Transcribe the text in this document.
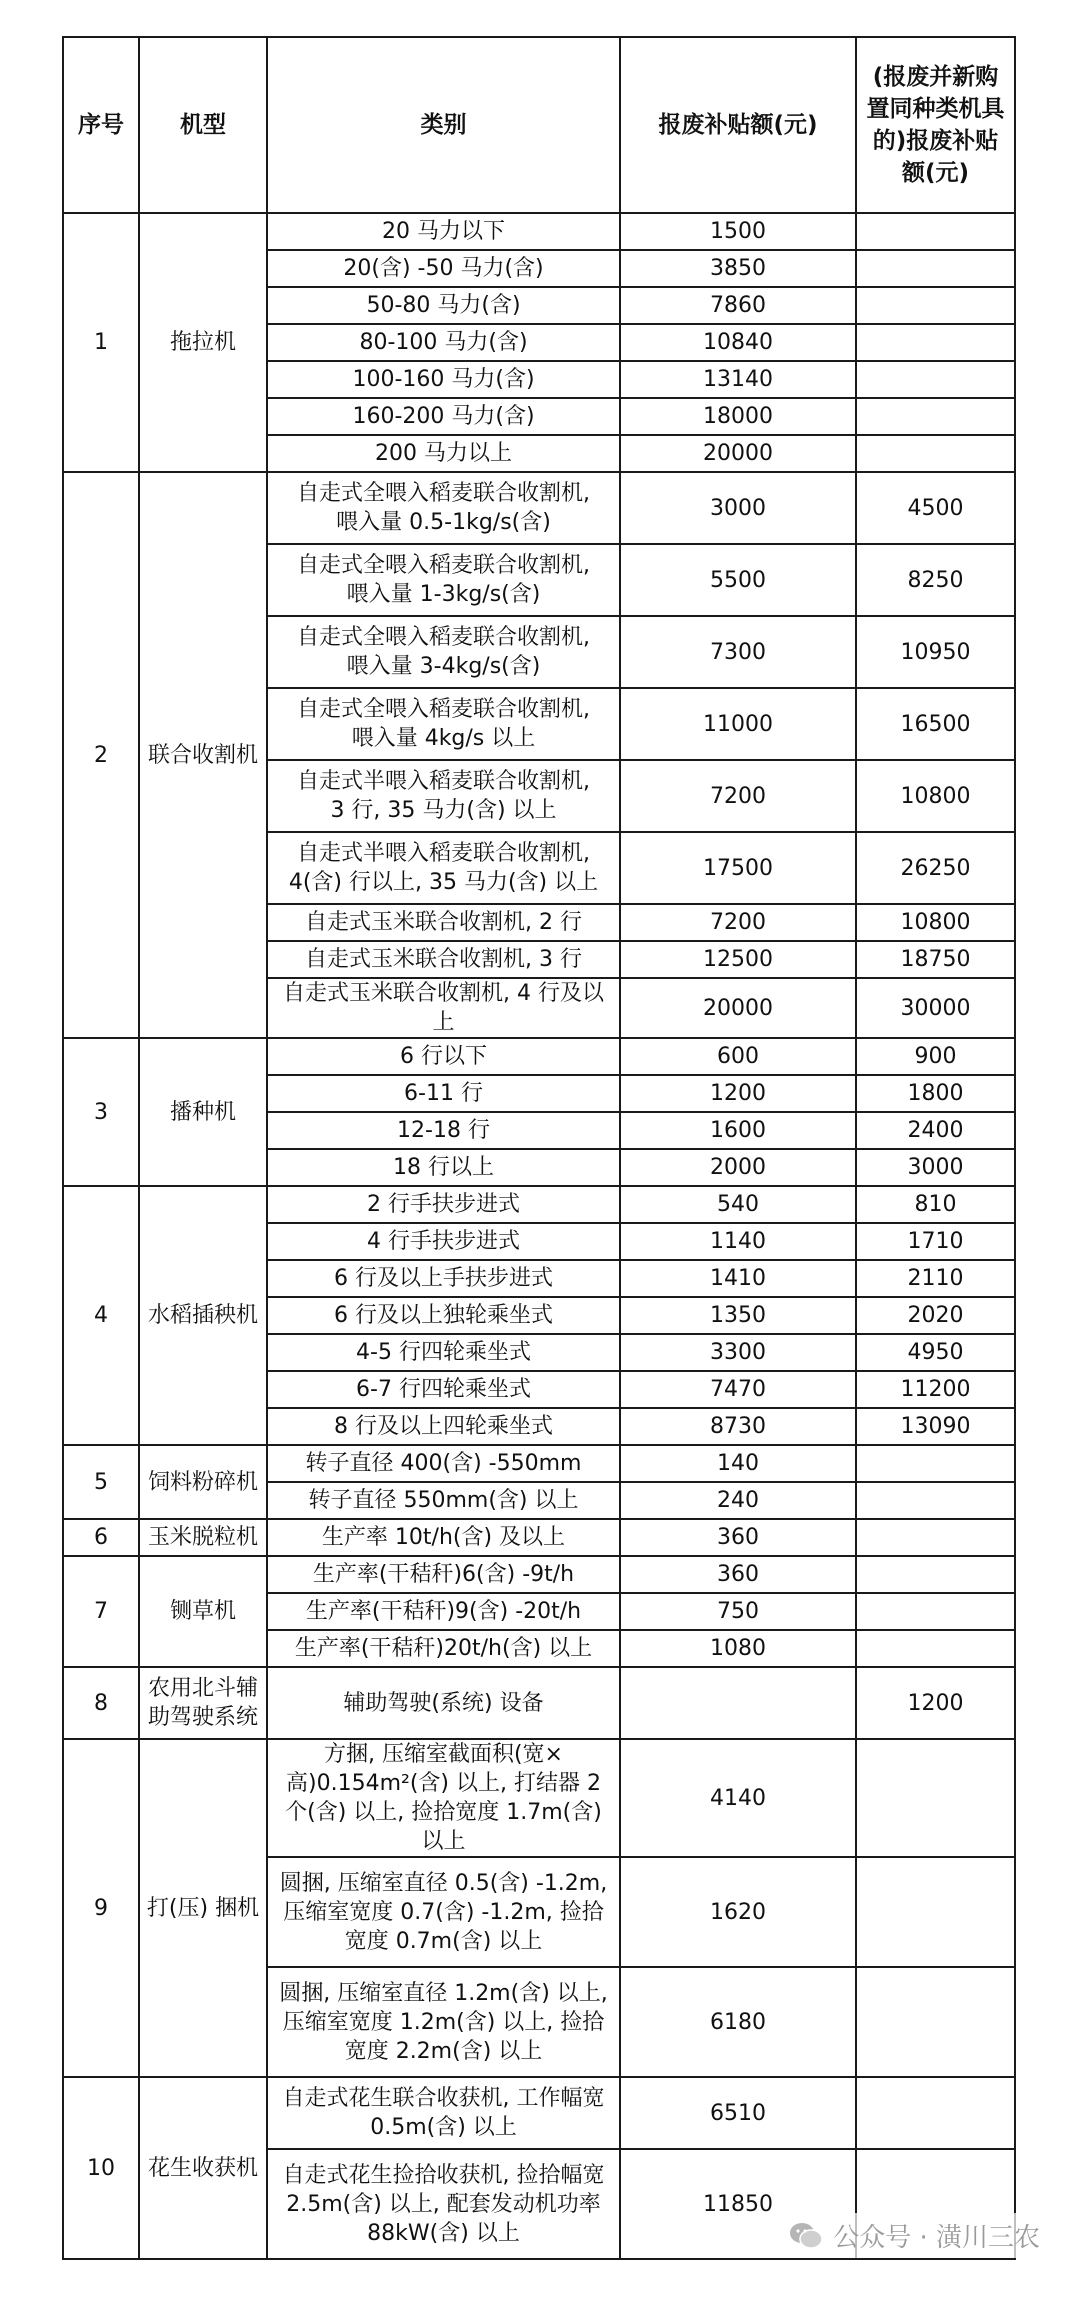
序号	机型	类别	报废补贴额(元)	(报废并新购置同种类机具的)报废补贴额(元)
1	拖拉机	20 马力以下	1500	
		20(含) -50 马力(含)	3850	
		50-80 马力(含)	7860	
		80-100 马力(含)	10840	
		100-160 马力(含)	13140	
		160-200 马力(含)	18000	
		200 马力以上	20000	
2	联合收割机	自走式全喂入稻麦联合收割机,
喂入量 0.5-1kg/s(含)	3000	4500
		自走式全喂入稻麦联合收割机,
喂入量 1-3kg/s(含)	5500	8250
		自走式全喂入稻麦联合收割机,
喂入量 3-4kg/s(含)	7300	10950
		自走式全喂入稻麦联合收割机,
喂入量 4kg/s 以上	11000	16500
		自走式半喂入稻麦联合收割机,
3 行, 35 马力(含) 以上	7200	10800
		自走式半喂入稻麦联合收割机,
4(含) 行以上, 35 马力(含) 以上	17500	26250
		自走式玉米联合收割机, 2 行	7200	10800
		自走式玉米联合收割机, 3 行	12500	18750
		自走式玉米联合收割机, 4 行及以上	20000	30000
3	播种机	6 行以下	600	900
		6-11 行	1200	1800
		12-18 行	1600	2400
		18 行以上	2000	3000
4	水稻插秧机	2 行手扶步进式	540	810
		4 行手扶步进式	1140	1710
		6 行及以上手扶步进式	1410	2110
		6 行及以上独轮乘坐式	1350	2020
		4-5 行四轮乘坐式	3300	4950
		6-7 行四轮乘坐式	7470	11200
		8 行及以上四轮乘坐式	8730	13090
5	饲料粉碎机	转子直径 400(含) -550mm	140	
		转子直径 550mm(含) 以上	240	
6	玉米脱粒机	生产率 10t/h(含) 及以上	360	
7	铡草机	生产率(干秸秆)6(含) -9t/h	360	
		生产率(干秸秆)9(含) -20t/h	750	
		生产率(干秸秆)20t/h(含) 以上	1080	
8	农用北斗辅助驾驶系统	辅助驾驶(系统) 设备		1200
9	打(压) 捆机	方捆, 压缩室截面积(宽×高)0.154m²(含) 以上, 打结器 2 个(含) 以上, 捡拾宽度 1.7m(含) 以上	4140	
		圆捆, 压缩室直径 0.5(含) -1.2m, 压缩室宽度 0.7(含) -1.2m, 捡拾宽度 0.7m(含) 以上	1620	
		圆捆, 压缩室直径 1.2m(含) 以上, 压缩室宽度 1.2m(含) 以上, 捡拾宽度 2.2m(含) 以上	6180	
10	花生收获机	自走式花生联合收获机, 工作幅宽 0.5m(含) 以上	6510	
		自走式花生捡拾收获机, 捡拾幅宽 2.5m(含) 以上, 配套发动机功率 88kW(含) 以上	11850	
公众号 · 潢川三农
